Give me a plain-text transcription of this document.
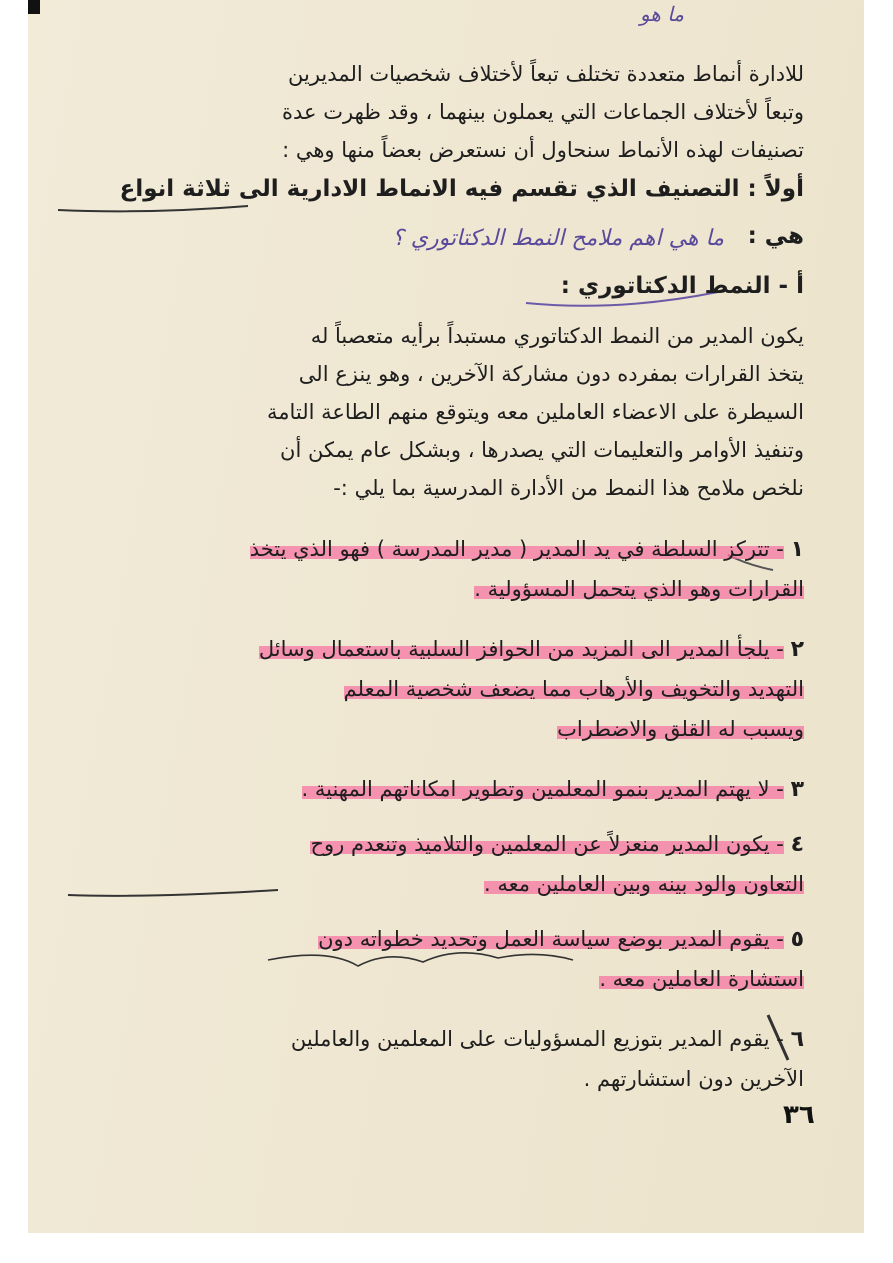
ما هو
للادارة أنماط متعددة تختلف تبعاً لأختلاف شخصيات المديرين
وتبعاً لأختلاف الجماعات التي يعملون بينهما ، وقد ظهرت عدة
تصنيفات لهذه الأنماط سنحاول أن نستعرض بعضاً منها وهي :
أولاً : التصنيف الذي تقسم فيه الانماط الادارية الى ثلاثة انواع
هي :
ما هي اهم ملامح النمط الدكتاتوري ؟
أ - النمط الدكتاتوري :
يكون المدير من النمط الدكتاتوري مستبداً برأيه متعصباً له
يتخذ القرارات بمفرده دون مشاركة الآخرين ، وهو ينزع الى
السيطرة على الاعضاء العاملين معه ويتوقع منهم الطاعة التامة
وتنفيذ الأوامر والتعليمات التي يصدرها ، وبشكل عام يمكن أن
نلخص ملامح هذا النمط من الأدارة المدرسية بما يلي :-
١ - تتركز السلطة في يد المدير ( مدير المدرسة ) فهو الذي يتخذ
القرارات وهو الذي يتحمل المسؤولية .
٢ - يلجأ المدير الى المزيد من الحوافز السلبية باستعمال وسائل
التهديد والتخويف والأرهاب مما يضعف شخصية المعلم
ويسبب له القلق والاضطراب
٣ - لا يهتم المدير بنمو المعلمين وتطوير امكاناتهم المهنية .
٤ - يكون المدير منعزلاً عن المعلمين والتلاميذ وتنعدم روح
التعاون والود بينه وبين العاملين معه .
٥ - يقوم المدير بوضع سياسة العمل وتحديد خطواته دون
استشارة العاملين معه .
٦ - يقوم المدير بتوزيع المسؤوليات على المعلمين والعاملين
الآخرين دون استشارتهم .
٣٦
